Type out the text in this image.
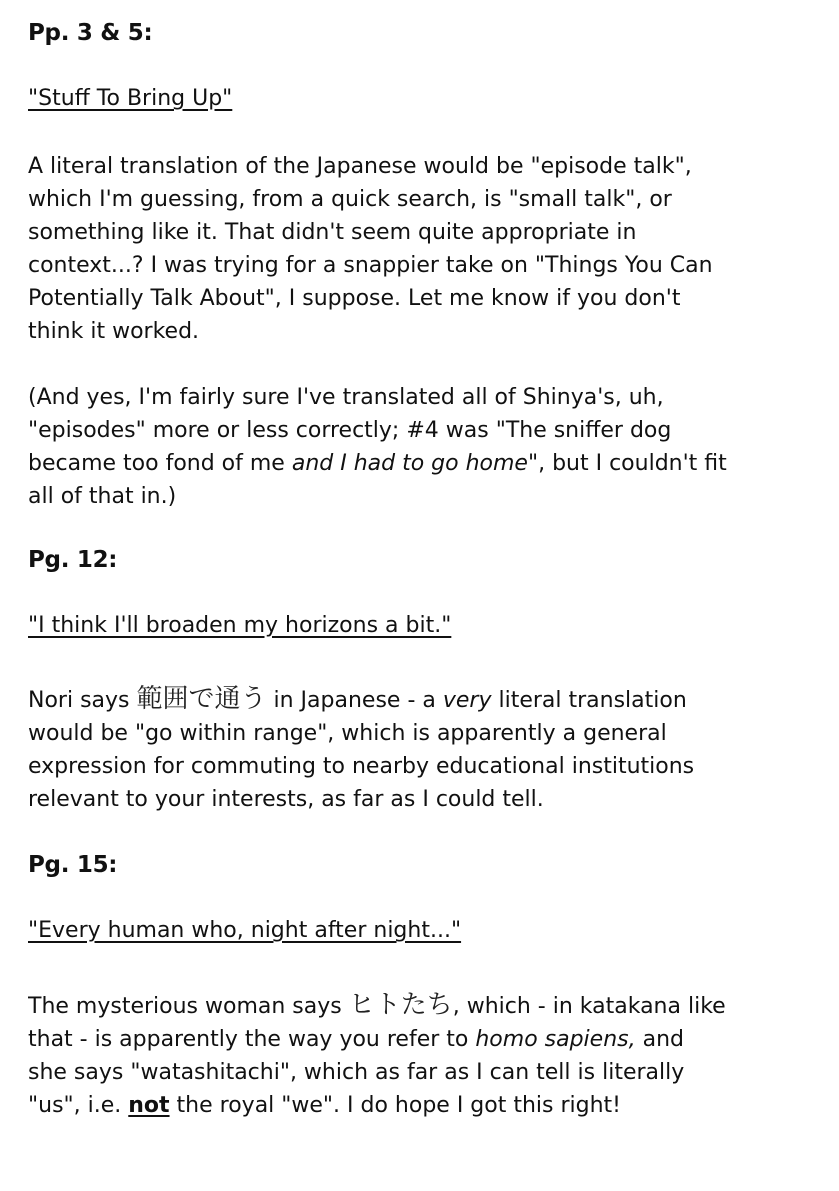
Pp. 3 & 5:
"Stuff To Bring Up"
A literal translation of the Japanese would be "episode talk",
which I'm guessing, from a quick search, is "small talk", or
something like it. That didn't seem quite appropriate in
context...? I was trying for a snappier take on "Things You Can
Potentially Talk About", I suppose. Let me know if you don't
think it worked.
(And yes, I'm fairly sure I've translated all of Shinya's, uh,
"episodes" more or less correctly; #4 was "The sniffer dog
became too fond of me and I had to go home", but I couldn't fit
all of that in.)
Pg. 12:
"I think I'll broaden my horizons a bit."
Nori says 範囲で通う in Japanese - a very literal translation
would be "go within range", which is apparently a general
expression for commuting to nearby educational institutions
relevant to your interests, as far as I could tell.
Pg. 15:
"Every human who, night after night..."
The mysterious woman says ヒトたち, which - in katakana like
that - is apparently the way you refer to homo sapiens, and
she says "watashitachi", which as far as I can tell is literally
"us", i.e. not the royal "we". I do hope I got this right!
